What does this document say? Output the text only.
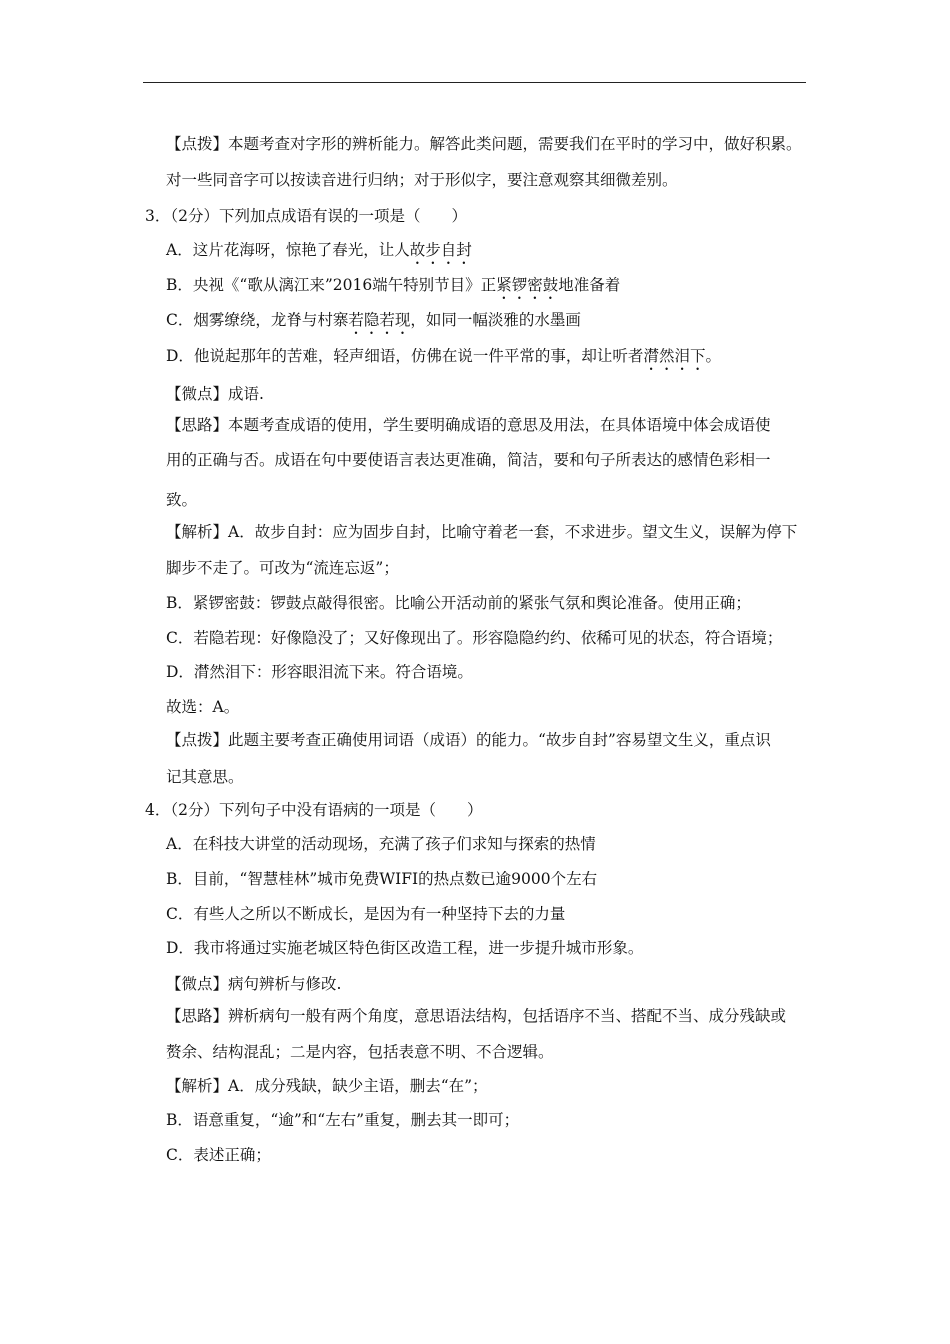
【点拨】本题考查对字形的辨析能力。解答此类问题，需要我们在平时的学习中，做好积累。
对一些同音字可以按读音进行归纳；对于形似字，要注意观察其细微差别。
3．（2分）下列加点成语有误的一项是（　　）
A．这片花海呀，惊艳了春光，让人故步自封
B．央视《“歌从漓江来”2016端午特别节目》正紧锣密鼓地准备着
C．烟雾缭绕，龙脊与村寨若隐若现，如同一幅淡雅的水墨画
D．他说起那年的苦难，轻声细语，仿佛在说一件平常的事，却让听者潸然泪下。
【微点】成语.
【思路】本题考查成语的使用，学生要明确成语的意思及用法，在具体语境中体会成语使
用的正确与否。成语在句中要使语言表达更准确，简洁，要和句子所表达的感情色彩相一
致。
【解析】A．故步自封：应为固步自封，比喻守着老一套，不求进步。望文生义，误解为停下
脚步不走了。可改为“流连忘返”；
B．紧锣密鼓：锣鼓点敲得很密。比喻公开活动前的紧张气氛和舆论准备。使用正确；
C．若隐若现：好像隐没了；又好像现出了。形容隐隐约约、依稀可见的状态，符合语境；
D．潸然泪下：形容眼泪流下来。符合语境。
故选：A。
【点拨】此题主要考查正确使用词语（成语）的能力。“故步自封”容易望文生义，重点识
记其意思。
4．（2分）下列句子中没有语病的一项是（　　）
A．在科技大讲堂的活动现场，充满了孩子们求知与探索的热情
B．目前，“智慧桂林”城市免费WIFI的热点数已逾9000个左右
C．有些人之所以不断成长，是因为有一种坚持下去的力量
D．我市将通过实施老城区特色街区改造工程，进一步提升城市形象。
【微点】病句辨析与修改.
【思路】辨析病句一般有两个角度，意思语法结构，包括语序不当、搭配不当、成分残缺或
赘余、结构混乱；二是内容，包括表意不明、不合逻辑。
【解析】A．成分残缺，缺少主语，删去“在”；
B．语意重复，“逾”和“左右”重复，删去其一即可；
C．表述正确；
